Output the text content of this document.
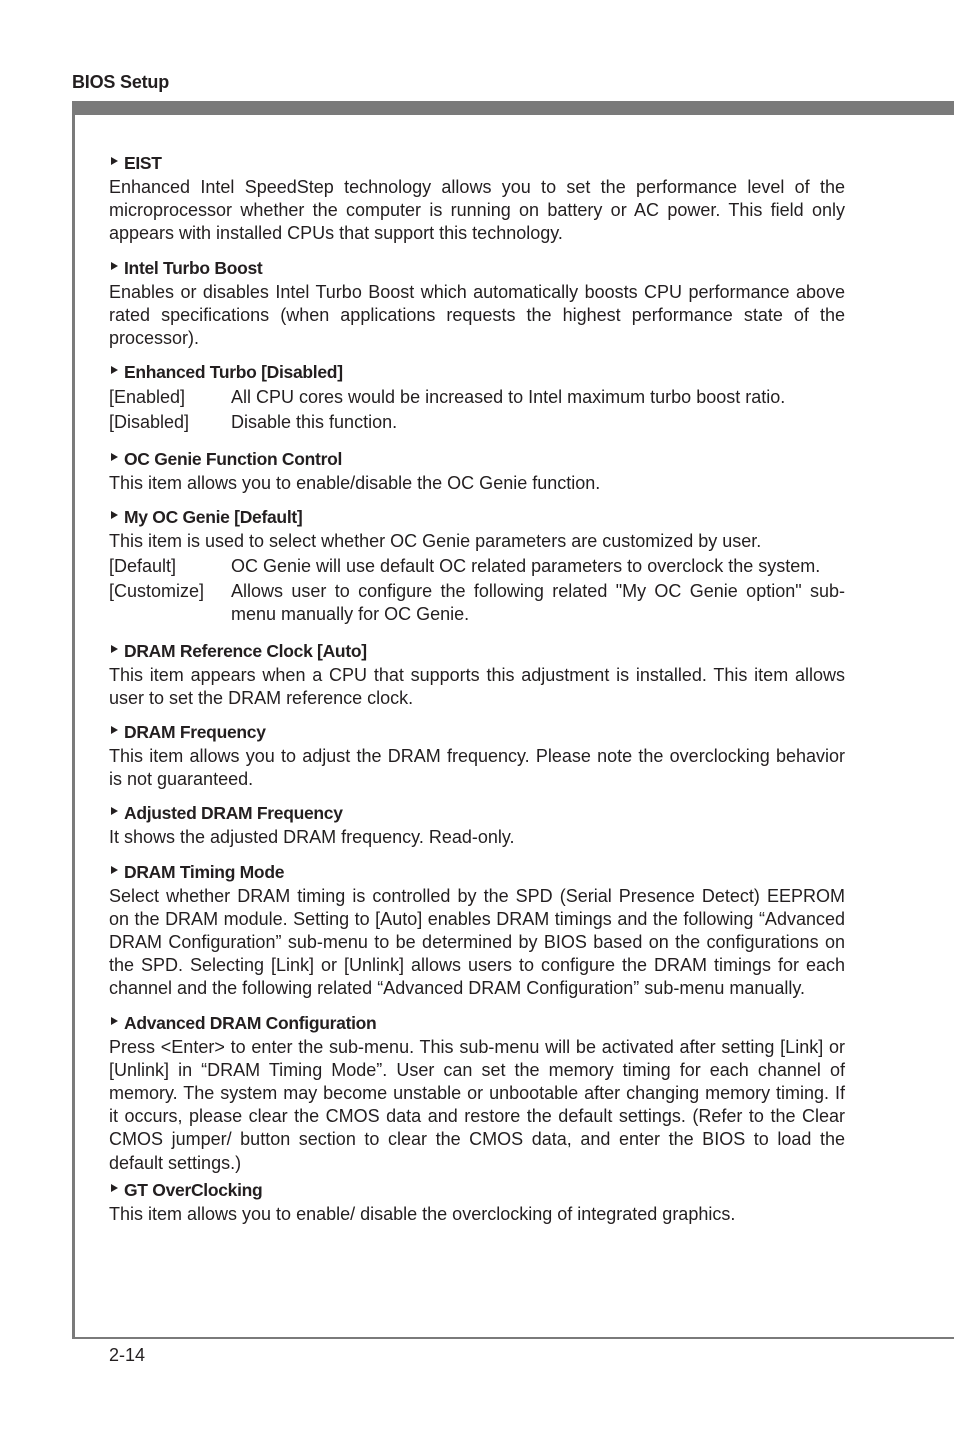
BIOS Setup
2-14
EIST

Enhanced Intel SpeedStep technology allows you to set the performance level of the microprocessor whether the computer is running on battery or AC power. This field only appears with installed CPUs that support this technology.

Intel Turbo Boost

Enables or disables Intel Turbo Boost which automatically boosts CPU performance above rated specifications (when applications requests the highest performance state of the processor).

Enhanced Turbo [Disabled]
[Enabled]	All CPU cores would be increased to Intel maximum turbo boost ratio.
[Disabled]	Disable this function.
OC Genie Function Control

This item allows you to enable/disable the OC Genie function.

My OC Genie [Default]

This item is used to select whether OC Genie parameters are customized by user.

[Default]	OC Genie will use default OC related parameters to overclock the system.
[Customize]	Allows user to configure the following related "My OC Genie option" sub-menu manually for OC Genie.
DRAM Reference Clock [Auto]

This item appears when a CPU that supports this adjustment is installed. This item allows user to set the DRAM reference clock.

DRAM Frequency

This item allows you to adjust the DRAM frequency. Please note the overclocking behavior is not guaranteed.

Adjusted DRAM Frequency

It shows the adjusted DRAM frequency. Read-only.

DRAM Timing Mode

Select whether DRAM timing is controlled by the SPD (Serial Presence Detect) EEPROM on the DRAM module. Setting to [Auto] enables DRAM timings and the following “Advanced DRAM Configuration” sub-menu to be determined by BIOS based on the configurations on the SPD. Selecting [Link] or [Unlink] allows users to configure the DRAM timings for each channel and the following related “Advanced DRAM Configuration” sub-menu manually.

Advanced DRAM Configuration

Press <Enter> to enter the sub-menu. This sub-menu will be activated after setting [Link] or [Unlink] in “DRAM Timing Mode”. User can set the memory timing for each channel of memory. The system may become unstable or unbootable after changing memory timing. If it occurs, please clear the CMOS data and restore the default settings. (Refer to the Clear CMOS jumper/ button section to clear the CMOS data, and enter the BIOS to load the default settings.)

GT OverClocking

This item allows you to enable/ disable the overclocking of integrated graphics.
